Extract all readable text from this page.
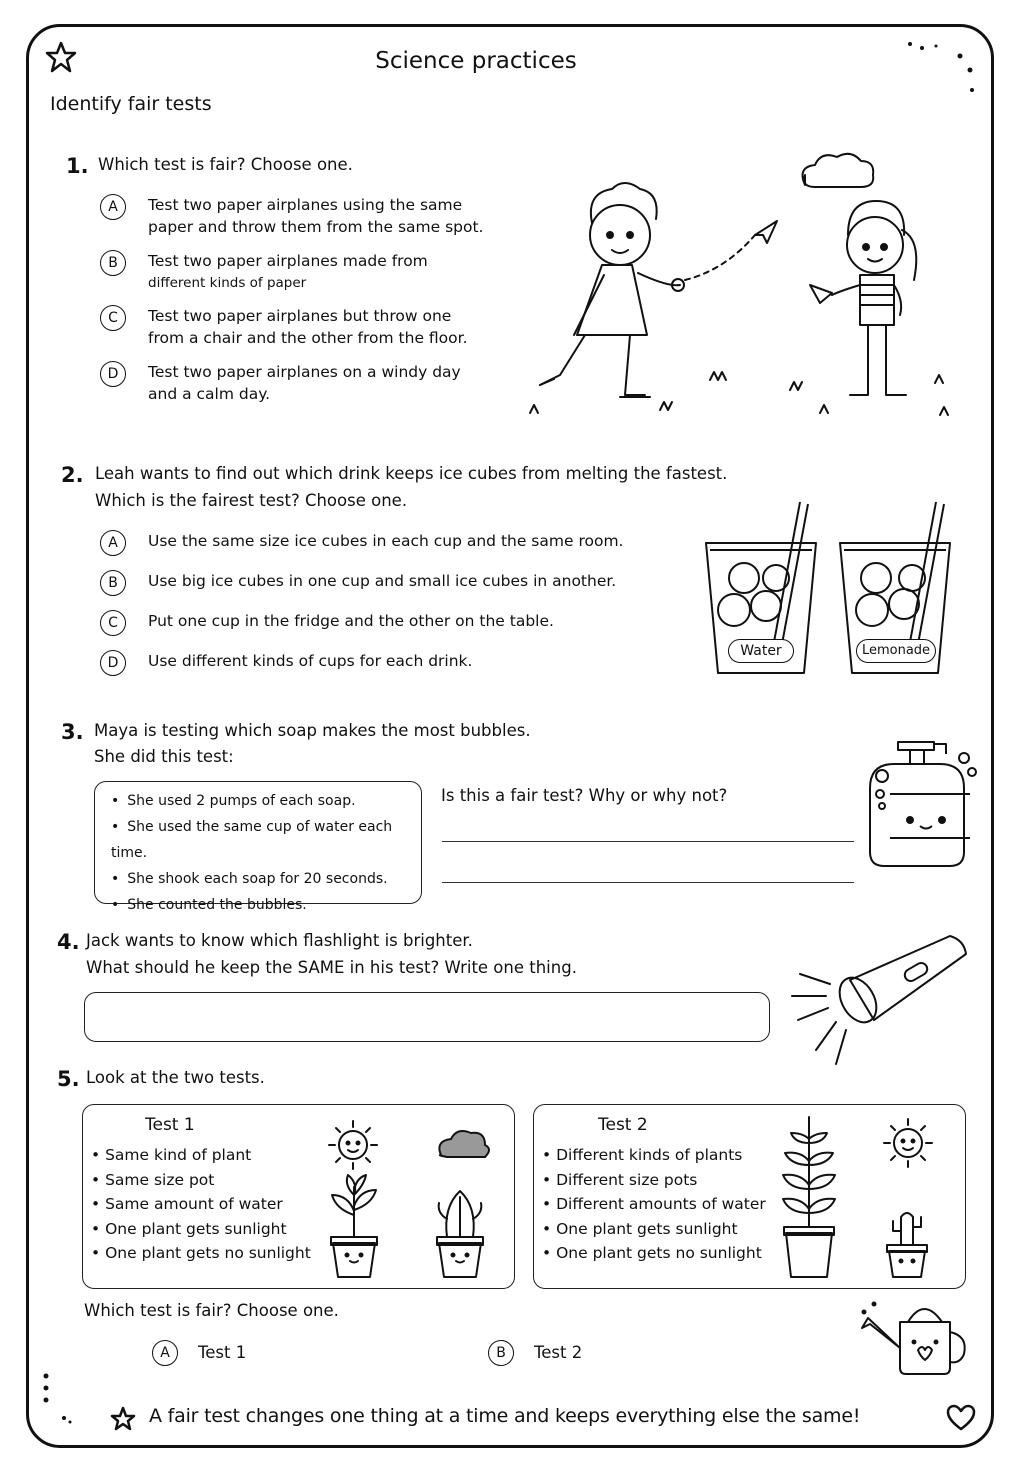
Science practices
Identify fair tests
1. Which test is fair? Choose one.
A	Test two paper airplanes using the same
paper and throw them from the same spot.
B	Test two paper airplanes made from
different kinds of paper
C	Test two paper airplanes but throw one
from a chair and the other from the floor.
D	Test two paper airplanes on a windy day
and a calm day.
2. Leah wants to find out which drink keeps ice cubes from melting the fastest.
Which is the fairest test? Choose one.
A	Use the same size ice cubes in each cup and the same room.
B	Use big ice cubes in one cup and small ice cubes in another.
C	Put one cup in the fridge and the other on the table.
D	Use different kinds of cups for each drink.
Water	Lemonade
3. Maya is testing which soap makes the most bubbles.
She did this test:
• She used 2 pumps of each soap.
• She used the same cup of water each time.
• She shook each soap for 20 seconds.
• She counted the bubbles.
Is this a fair test? Why or why not?
4. Jack wants to know which flashlight is brighter.
What should he keep the SAME in his test? Write one thing.
5. Look at the two tests.
Test 1
• Same kind of plant
• Same size pot
• Same amount of water
• One plant gets sunlight
• One plant gets no sunlight
Test 2
• Different kinds of plants
• Different size pots
• Different amounts of water
• One plant gets sunlight
• One plant gets no sunlight
Which test is fair? Choose one.
A	Test 1	B	Test 2
A fair test changes one thing at a time and keeps everything else the same!
